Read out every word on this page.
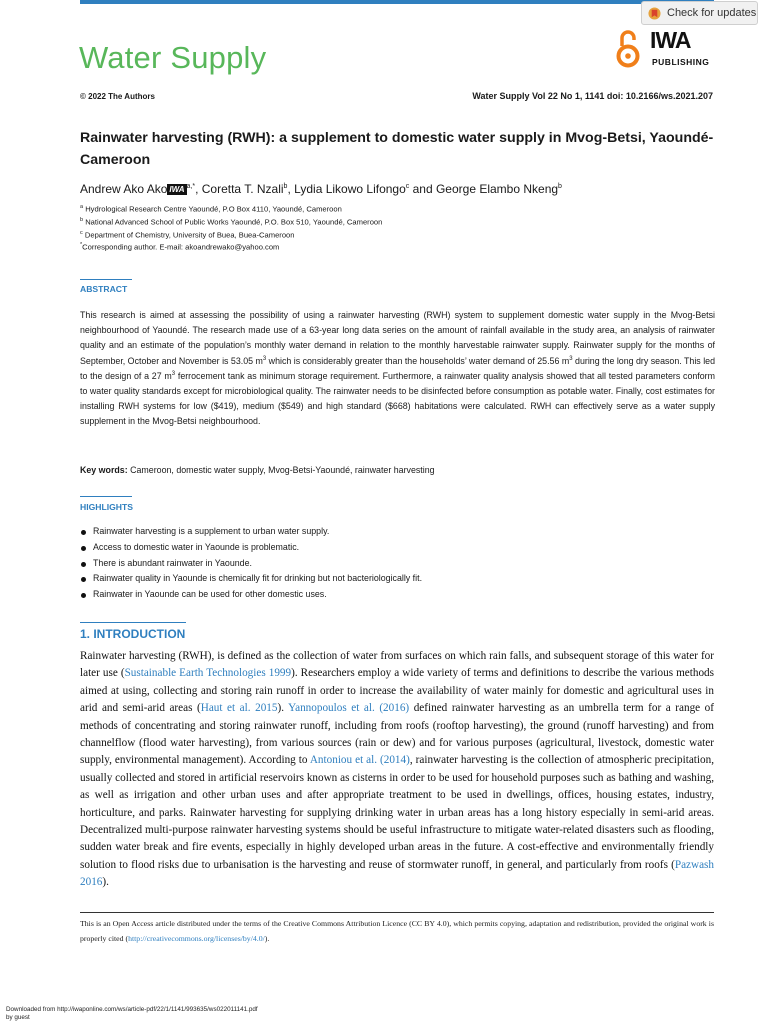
Check for updates
Water Supply	IWA
PUBLISHING
© 2022 The Authors	Water Supply Vol 22 No 1, 1141 doi: 10.2166/ws.2021.207
Rainwater harvesting (RWH): a supplement to domestic water supply in Mvog-Betsi, Yaoundé-Cameroon
Andrew Ako Ako IWA $^{a,*}$, Coretta T. Nzali$^b$, Lydia Likowo Lifongo$^c$ and George Elambo Nkeng$^b$
$^a$ Hydrological Research Centre Yaoundé, P.O Box 4110, Yaoundé, Cameroon
$^b$ National Advanced School of Public Works Yaoundé, P.O. Box 510, Yaoundé, Cameroon
$^c$ Department of Chemistry, University of Buea, Buea-Cameroon
*Corresponding author. E-mail: akoandrewako@yahoo.com
ABSTRACT

This research is aimed at assessing the possibility of using a rainwater harvesting (RWH) system to supplement domestic water supply in the Mvog-Betsi neighbourhood of Yaoundé. The research made use of a 63-year long data series on the amount of rainfall available in the study area, an analysis of rainwater quality and an estimate of the population’s monthly water demand in relation to the monthly harvestable rainwater supply. Rainwater supply for the months of September, October and November is 53.05 $m^3$ which is considerably greater than the households’ water demand of 25.56 $m^3$ during the long dry season. This led to the design of a 27 $m^3$ ferrocement tank as minimum storage requirement. Furthermore, a rainwater quality analysis showed that all tested parameters conform to water quality standards except for microbiological quality. The rainwater needs to be disinfected before consumption as potable water. Finally, cost estimates for installing RWH systems for low ($419), medium ($549) and high standard ($668) habitations were calculated. RWH can effectively serve as a water supply supplement in the Mvog-Betsi neighbourhood.

Key words: Cameroon, domestic water supply, Mvog-Betsi-Yaoundé, rainwater harvesting
HIGHLIGHTS
Rainwater harvesting is a supplement to urban water supply.
Access to domestic water in Yaounde is problematic.
There is abundant rainwater in Yaounde.
Rainwater quality in Yaounde is chemically fit for drinking but not bacteriologically fit.
Rainwater in Yaounde can be used for other domestic uses.
1. INTRODUCTION

Rainwater harvesting (RWH), is defined as the collection of water from surfaces on which rain falls, and subsequent storage of this water for later use (Sustainable Earth Technologies 1999). Researchers employ a wide variety of terms and definitions to describe the various methods aimed at using, collecting and storing rain runoff in order to increase the availability of water mainly for domestic and agricultural uses in arid and semi-arid areas (Haut et al. 2015). Yannopoulos et al. (2016) defined rainwater harvesting as an umbrella term for a range of methods of concentrating and storing rainwater runoff, including from roofs (rooftop harvesting), the ground (runoff harvesting) and from channelflow (flood water harvesting), from various sources (rain or dew) and for various purposes (agricultural, livestock, domestic water supply, environmental management). According to Antoniou et al. (2014), rainwater harvesting is the collection of atmospheric precipitation, usually collected and stored in artificial reservoirs known as cisterns in order to be used for household purposes such as bathing and washing, as well as irrigation and other urban uses and after appropriate treatment to be used in dwellings, offices, housing estates, industry, horticulture, and parks. Rainwater harvesting for supplying drinking water in urban areas has a long history especially in semi-arid areas. Decentralized multi-purpose rainwater harvesting systems should be useful infrastructure to mitigate water-related disasters such as flooding, sudden water break and fire events, especially in highly developed urban areas in the future. A cost-effective and environmentally friendly solution to flood risks due to urbanisation is the harvesting and reuse of stormwater runoff, in general, and particularly from roofs (Pazwash 2016).

This is an Open Access article distributed under the terms of the Creative Commons Attribution Licence (CC BY 4.0), which permits copying, adaptation and redistribution, provided the original work is properly cited (http://creativecommons.org/licenses/by/4.0/).

Downloaded from http://iwaponline.com/ws/article-pdf/22/1/1141/993635/ws022011141.pdf
by guest
